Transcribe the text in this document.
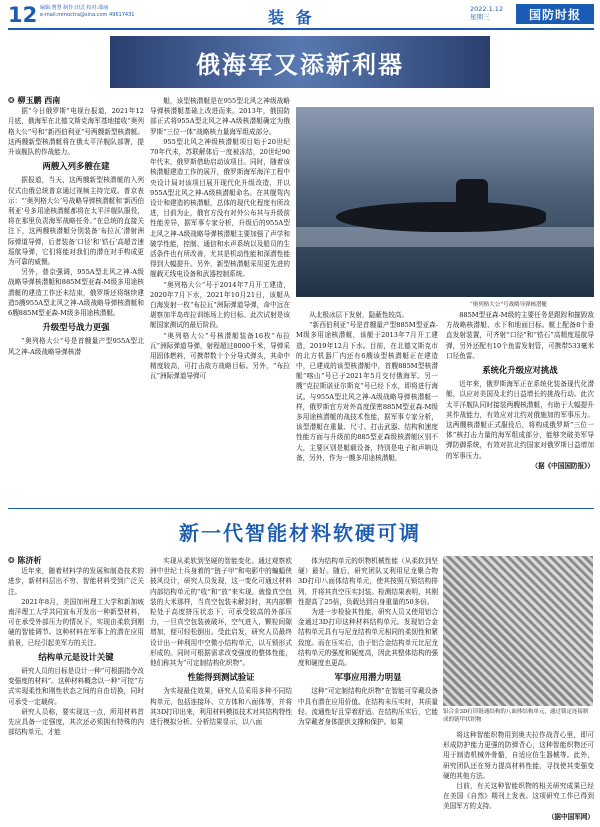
12 编辑:曹慧 制作:田式 校对:邵丽
e-mail:mmoctra@sina.com 49617431	装 备	2022.1.12
星期三	国防时报
俄海军又添新利器
❂ 柳玉鹏 西南

据“今日俄罗斯”电视台报道，2021年12月底，俄海军在北德文斯克海军基地接收“奥列格大公”号和“新西伯利亚”号两艘新型核潜艇。这两艘新型核潜艇将在俄太平洋舰队部署，提升该舰队的作战能力。

两艘入列多艘在建

据报道，当天，这两艘新型核潜艇的入列仪式由俄总统普京通过视频主持完成。普京表示：“‘奥列格大公’号战略导弹核潜艇和‘新西伯利亚’号多用途核潜艇都将在太平洋舰队服役，将在那里负责海军战略任务。”在总统的直接关注下，这两艘核潜艇分别装备‘布拉瓦’潜射洲际弹道导弹，后者装备‘口径’和‘锆石’高超音速巡航导弹，它们将能对我们的潜在对手构成更为可靠的威慑。

另外，普京强调，955A型北风之神-A级战略导弹核潜艇和885M型亚森-M级多用途核潜艇的建造工作还未结束，俄罗斯还将继续建造5艘955A型北风之神-A级战略导弹核潜艇和6艘885M型亚森-M级多用途核潜艇。

升级型号战力更强

“奥列格大公”号是首艘量产型955A型北风之神-A级战略导弹核潜

艇，该型核潜艇是在955型北风之神级战略导弹核潜艇基础上改进而来。2013年，俄国防部正式将955A型北风之神-A级核潜艇确定为俄罗斯“三位一体”战略核力量海军组成部分。

955型北风之神级核潜艇项目始于20世纪70年代末，苏联解体后一度被冻结，20世纪90年代末，俄罗斯借助启动该项目。同时，随着该核潜艇建造工作的展开，俄罗斯海军海洋工程中央设计局对该项目展开现代化升级改造，并以955A型北风之神-A级核潜艇命名。在其舰驾内设计和建造的核潜艇，总体的现代化程度有所改进，目前为止，俄官方没有对外公布其与升级前性能差异，据军事专家分析，升级后的955A型北风之神-A级战略导弹核潜艇主要加强了声学和破学性能，控制、通信和水声系统以及船员的生活条件也有所改善，尤其是机动性能和深潜性能得到大幅提升。另外，新型核潜艇采用更先进的舰载无线电设备和武器控制系统。

“奥列格大公”号于2014年7月开工建造，2020年7月下水，2021年10月21日，该艇从白海发射一枚“布拉瓦”洲际弹道导弹，命中远在堪察加半岛库拉训练场上的目标。此次试射是该艇国家测试的最后阶段。

“奥列格大公”号核潜艇装备16枚“布拉瓦”洲际弹道导弹，射程超过8000千米，导弹采用固体燃料，可携带数十个分导式弹头，其命中精度较高，可打击敌方战略目标。另外，“布拉瓦”洲际弹道导弹可

“奥列格大公”号战略导弹核潜艇

从北极冰层下发射，隐蔽性较高。

“新西伯利亚”号是首艘量产型885M型亚森-M级多用途核潜艇，该艇于2013年7月开工建造，2019年12月下水。目前，在北德文斯克市的北方机器厂内还有6艘该型核潜艇正在建造中，已建成的该型核潜艇中，首艘885M型核潜艇“喀山”号已于2021年5月交付俄海军。另一艘“克拉斯诺亚尔斯克”号已经下水，即将进行海试。与955A型北风之神-A级战略导弹核潜艇一样，俄罗斯官方对外高度保密885M型亚森-M级多用途核潜艇的战技术性能，据军事专家分析，该型潜艇在重量、尺寸、打击武器、结构和速度性能方面与升级前的885型亚森级核潜艇区别不大，主要区别是艇载设备，特别是电子和声呐设备，另外，作为一艘多用途核潜艇，

885M型亚森-M级的主要任务是跟踪和摧毁敌方战略核潜艇、水下和地面目标。艇上配备8个垂直发射装置，可齐射“口径”和“锆石”高精度巡航导弹，另外还配有10个鱼雷发射管，可携带533毫米口径鱼雷。

系统化升级应对挑战

近年来，俄罗斯海军正在系统化装备现代化潜艇，以应对美国及北约日益增长的挑战行动。此次太平洋舰队同时接装两艘核潜艇，有助于大幅提升其作战能力，有效应对北约对俄施加的军事压力。这两艘核潜艇正式服役后，将构成俄罗斯“三位一体”核打击力量的海军组成部分，能够突破美军导弹防御系统，有效对抗北约国家对俄罗斯日益增加的军事压力。

（据《中国国防报》）
新一代智能材料软硬可调
❂ 陈济析

近年来，随着材料学的发展和制造技术的进步，新材料层出不穷，智能材料受到广泛关注。

2021年8月，美国加州理工大学和新加坡南洋理工大学共同宣布开发出一种新型材料，可在承受外部压力的情况下，实现由柔软到刚硬的智能调节。这种材料在军事上的潜在应用前景，已经引起美军方的关注。

结构单元是设计关键

研究人员的目标是设计一种“可根据指令改变强度的材料”。这种材料概念以一种“可控”方式实现柔性和刚性状态之间的自由切换，同时可承受一定载荷。

研究人员称，要实现这一点，所用材料首先应具备一定强度，其次还必须拥有特殊的内部结构单元，才能

实现从柔软到坚硬的智能变化。通过观察欧洲中世纪士兵身着的“链子甲”和电影中的蝙蝠侠披风设计，研究人员发现，这一变化可通过材料内部结构单元的“收”和“放”来实现，就像真空包装的大米那样，当真空包装未解封时，其内部颗粒处于高度挤压状态下，可承受较高的外部压力，一旦真空包装被破坏，空气进入，颗粒间隙增加，便可轻松倒出。受此启发，研究人员最终设计出一种利用中空微小结构单元，以互锁形式形成的。同时可根据需求改变强度的整体性能，他们称其为“可定制结构化织物”。

性能得到测试验证

为实现最佳效果，研究人员采用多种不同结构单元，包括连接环、立方体和八面体等，并将其3D打印出来，利用材料模拟技术对其结构特性进行模拟分析。分析结果显示，以八面

体为结构单元的织物机械性能（从柔软到坚硬）最好。随后，研究团队又利用尼龙聚合物3D打印八面体结构单元，使其按照互锁结构排列，并将其真空压实封装。检测结果表明，其刚性提高了25倍，负载达到自身重量的50多倍。

为进一步检验其性能，研究人员又使用铝合金通过3D打印这种材料结构单元。发现铝合金结构单元具有与尼龙结构单元相同的柔韧性和紧致度。而在压实后，由于铝合金结构单元比尼龙结构单元的强度和硬度高，因此其整体结构的强度和硬度也更高。

军事应用潜力明显

这种“可定制结构化织物”在智能可穿戴设备中具有潜在应用价值。在结构未压实时，其质量轻、流通性好且穿着舒适。在结构压实后，它能为穿戴者身体提供支撑和保护。如果

铝合金3D打印链通结构的八面体结构单元，通过锁定连接制成的链甲状织物

将这种智能织物用到奥夫拉作战背心里，即可形成防护能力更强的防弹背心，这种智能织物还可用于制造机械外骨骼，自适应仿生器械等。此外，研究团队还在努力提高材料性能，寻找使其变强变硬的其他方法。

目前，有关这种智能织物的相关研究成果已经在美国《自然》期刊上发表。这项研究工作已得到美国军方的支持。

（据中国军网）
